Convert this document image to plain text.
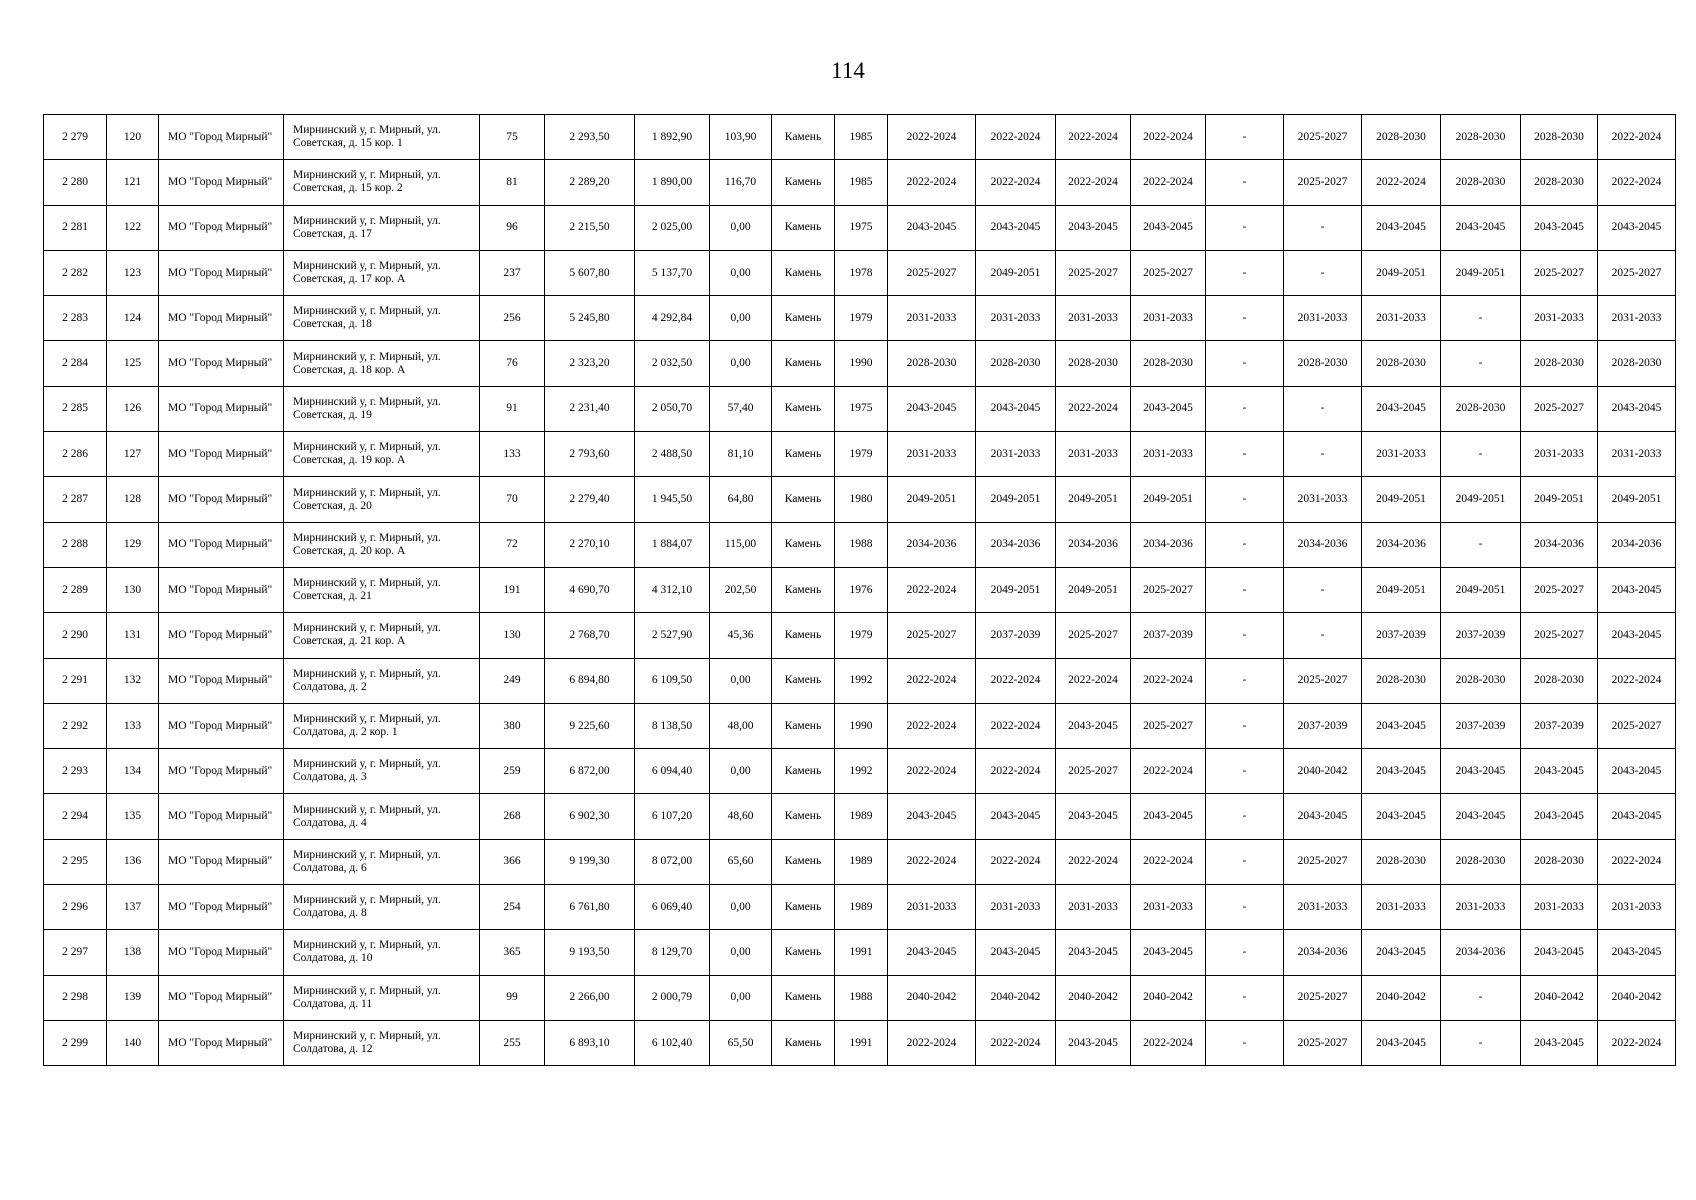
114
2 279	120	МО "Город Мирный"	Мирнинский у, г. Мирный, ул. Советская, д. 15 кор. 1	75	2 293,50	1 892,90	103,90	Камень	1985	2022-2024	2022-2024	2022-2024	2022-2024	-	2025-2027	2028-2030	2028-2030	2028-2030	2022-2024
2 280	121	МО "Город Мирный"	Мирнинский у, г. Мирный, ул. Советская, д. 15 кор. 2	81	2 289,20	1 890,00	116,70	Камень	1985	2022-2024	2022-2024	2022-2024	2022-2024	-	2025-2027	2022-2024	2028-2030	2028-2030	2022-2024
2 281	122	МО "Город Мирный"	Мирнинский у, г. Мирный, ул. Советская, д. 17	96	2 215,50	2 025,00	0,00	Камень	1975	2043-2045	2043-2045	2043-2045	2043-2045	-	-	2043-2045	2043-2045	2043-2045	2043-2045
2 282	123	МО "Город Мирный"	Мирнинский у, г. Мирный, ул. Советская, д. 17 кор. А	237	5 607,80	5 137,70	0,00	Камень	1978	2025-2027	2049-2051	2025-2027	2025-2027	-	-	2049-2051	2049-2051	2025-2027	2025-2027
2 283	124	МО "Город Мирный"	Мирнинский у, г. Мирный, ул. Советская, д. 18	256	5 245,80	4 292,84	0,00	Камень	1979	2031-2033	2031-2033	2031-2033	2031-2033	-	2031-2033	2031-2033	-	2031-2033	2031-2033
2 284	125	МО "Город Мирный"	Мирнинский у, г. Мирный, ул. Советская, д. 18 кор. А	76	2 323,20	2 032,50	0,00	Камень	1990	2028-2030	2028-2030	2028-2030	2028-2030	-	2028-2030	2028-2030	-	2028-2030	2028-2030
2 285	126	МО "Город Мирный"	Мирнинский у, г. Мирный, ул. Советская, д. 19	91	2 231,40	2 050,70	57,40	Камень	1975	2043-2045	2043-2045	2022-2024	2043-2045	-	-	2043-2045	2028-2030	2025-2027	2043-2045
2 286	127	МО "Город Мирный"	Мирнинский у, г. Мирный, ул. Советская, д. 19 кор. А	133	2 793,60	2 488,50	81,10	Камень	1979	2031-2033	2031-2033	2031-2033	2031-2033	-	-	2031-2033	-	2031-2033	2031-2033
2 287	128	МО "Город Мирный"	Мирнинский у, г. Мирный, ул. Советская, д. 20	70	2 279,40	1 945,50	64,80	Камень	1980	2049-2051	2049-2051	2049-2051	2049-2051	-	2031-2033	2049-2051	2049-2051	2049-2051	2049-2051
2 288	129	МО "Город Мирный"	Мирнинский у, г. Мирный, ул. Советская, д. 20 кор. А	72	2 270,10	1 884,07	115,00	Камень	1988	2034-2036	2034-2036	2034-2036	2034-2036	-	2034-2036	2034-2036	-	2034-2036	2034-2036
2 289	130	МО "Город Мирный"	Мирнинский у, г. Мирный, ул. Советская, д. 21	191	4 690,70	4 312,10	202,50	Камень	1976	2022-2024	2049-2051	2049-2051	2025-2027	-	-	2049-2051	2049-2051	2025-2027	2043-2045
2 290	131	МО "Город Мирный"	Мирнинский у, г. Мирный, ул. Советская, д. 21 кор. А	130	2 768,70	2 527,90	45,36	Камень	1979	2025-2027	2037-2039	2025-2027	2037-2039	-	-	2037-2039	2037-2039	2025-2027	2043-2045
2 291	132	МО "Город Мирный"	Мирнинский у, г. Мирный, ул. Солдатова, д. 2	249	6 894,80	6 109,50	0,00	Камень	1992	2022-2024	2022-2024	2022-2024	2022-2024	-	2025-2027	2028-2030	2028-2030	2028-2030	2022-2024
2 292	133	МО "Город Мирный"	Мирнинский у, г. Мирный, ул. Солдатова, д. 2 кор. 1	380	9 225,60	8 138,50	48,00	Камень	1990	2022-2024	2022-2024	2043-2045	2025-2027	-	2037-2039	2043-2045	2037-2039	2037-2039	2025-2027
2 293	134	МО "Город Мирный"	Мирнинский у, г. Мирный, ул. Солдатова, д. 3	259	6 872,00	6 094,40	0,00	Камень	1992	2022-2024	2022-2024	2025-2027	2022-2024	-	2040-2042	2043-2045	2043-2045	2043-2045	2043-2045
2 294	135	МО "Город Мирный"	Мирнинский у, г. Мирный, ул. Солдатова, д. 4	268	6 902,30	6 107,20	48,60	Камень	1989	2043-2045	2043-2045	2043-2045	2043-2045	-	2043-2045	2043-2045	2043-2045	2043-2045	2043-2045
2 295	136	МО "Город Мирный"	Мирнинский у, г. Мирный, ул. Солдатова, д. 6	366	9 199,30	8 072,00	65,60	Камень	1989	2022-2024	2022-2024	2022-2024	2022-2024	-	2025-2027	2028-2030	2028-2030	2028-2030	2022-2024
2 296	137	МО "Город Мирный"	Мирнинский у, г. Мирный, ул. Солдатова, д. 8	254	6 761,80	6 069,40	0,00	Камень	1989	2031-2033	2031-2033	2031-2033	2031-2033	-	2031-2033	2031-2033	2031-2033	2031-2033	2031-2033
2 297	138	МО "Город Мирный"	Мирнинский у, г. Мирный, ул. Солдатова, д. 10	365	9 193,50	8 129,70	0,00	Камень	1991	2043-2045	2043-2045	2043-2045	2043-2045	-	2034-2036	2043-2045	2034-2036	2043-2045	2043-2045
2 298	139	МО "Город Мирный"	Мирнинский у, г. Мирный, ул. Солдатова, д. 11	99	2 266,00	2 000,79	0,00	Камень	1988	2040-2042	2040-2042	2040-2042	2040-2042	-	2025-2027	2040-2042	-	2040-2042	2040-2042
2 299	140	МО "Город Мирный"	Мирнинский у, г. Мирный, ул. Солдатова, д. 12	255	6 893,10	6 102,40	65,50	Камень	1991	2022-2024	2022-2024	2043-2045	2022-2024	-	2025-2027	2043-2045	-	2043-2045	2022-2024
